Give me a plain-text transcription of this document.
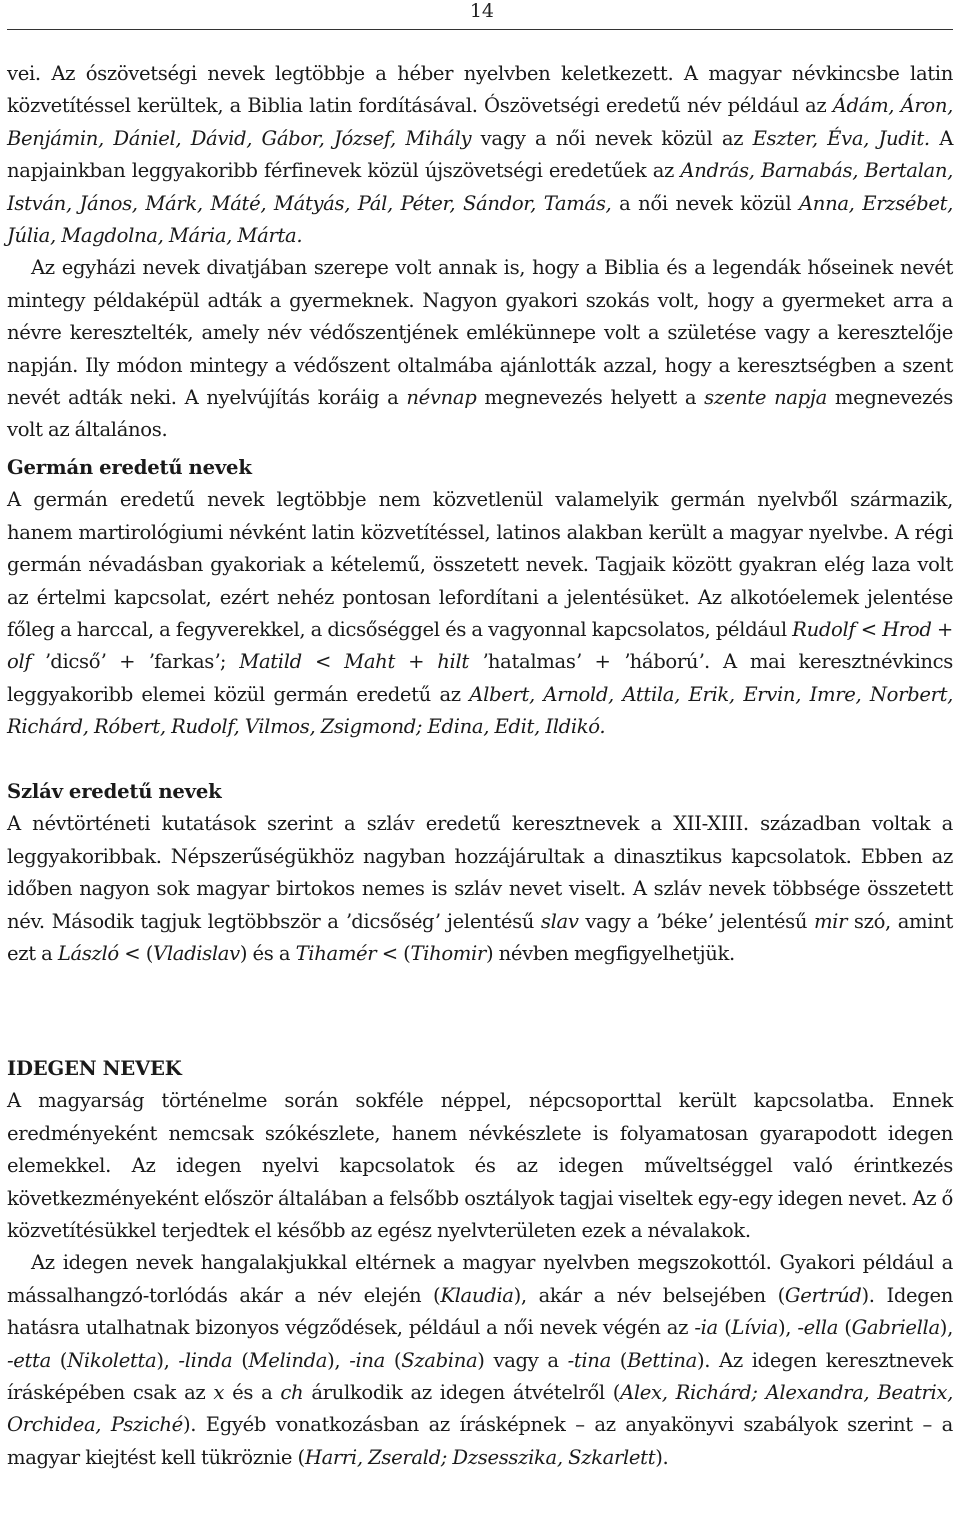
14

vei. Az ószövetségi nevek legtöbbje a héber nyelvben keletkezett. A magyar névkincsbe latin közvetítéssel kerültek, a Biblia latin fordításával. Ószövetségi eredetű név például az Ádám, Áron, Benjámin, Dániel, Dávid, Gábor, József, Mihály vagy a női nevek közül az Eszter, Éva, Judit. A napjainkban leggyakoribb férfinevek közül újszövetségi eredetűek az András, Barnabás, Bertalan, István, János, Márk, Máté, Mátyás, Pál, Péter, Sándor, Tamás, a női nevek közül Anna, Erzsébet, Júlia, Magdolna, Mária, Márta.

Az egyházi nevek divatjában szerepe volt annak is, hogy a Biblia és a legendák hőseinek nevét mintegy példaképül adták a gyermeknek. Nagyon gyakori szokás volt, hogy a gyermeket arra a névre keresztelték, amely név védőszentjének emlékünnepe volt a születése vagy a keresztelője napján. Ily módon mintegy a védőszent oltalmába ajánlották azzal, hogy a keresztségben a szent nevét adták neki. A nyelvújítás koráig a névnap megnevezés helyett a szente napja megnevezés volt az általános.

Germán eredetű nevek

A germán eredetű nevek legtöbbje nem közvetlenül valamelyik germán nyelvből származik, hanem martirológiumi névként latin közvetítéssel, latinos alakban került a magyar nyelvbe. A régi germán névadásban gyakoriak a kételemű, összetett nevek. Tagjaik között gyakran elég laza volt az értelmi kapcsolat, ezért nehéz pontosan lefordítani a jelentésüket. Az alkotóelemek jelentése főleg a harccal, a fegyverekkel, a dicsőséggel és a vagyonnal kapcsolatos, például Rudolf < Hrod + olf ʼdicsőʼ + ʼfarkasʼ; Matild < Maht + hilt ʼhatalmasʼ + ʼháborúʼ. A mai keresztnévkincs leggyakoribb elemei közül germán eredetű az Albert, Arnold, Attila, Erik, Ervin, Imre, Norbert, Richárd, Róbert, Rudolf, Vilmos, Zsigmond; Edina, Edit, Ildikó.

Szláv eredetű nevek

A névtörténeti kutatások szerint a szláv eredetű keresztnevek a XII-XIII. században voltak a leggyakoribbak. Népszerűségükhöz nagyban hozzájárultak a dinasztikus kapcsolatok. Ebben az időben nagyon sok magyar birtokos nemes is szláv nevet viselt. A szláv nevek többsége összetett név. Második tagjuk legtöbbször a ʼdicsőségʼ jelentésű slav vagy a ʼbékeʼ jelentésű mir szó, amint ezt a László < (Vladislav) és a Tihamér < (Tihomir) névben megfigyelhetjük.

IDEGEN NEVEK

A magyarság történelme során sokféle néppel, népcsoporttal került kapcsolatba. Ennek eredményeként nemcsak szókészlete, hanem névkészlete is folyamatosan gyarapodott idegen elemekkel. Az idegen nyelvi kapcsolatok és az idegen műveltséggel való érintkezés következményeként először általában a felsőbb osztályok tagjai viseltek egy-egy idegen nevet. Az ő közvetítésükkel terjedtek el később az egész nyelvterületen ezek a névalakok.

Az idegen nevek hangalakjukkal eltérnek a magyar nyelvben megszokottól. Gyakori például a mássalhangzó-torlódás akár a név elején (Klaudia), akár a név belsejében (Gertrúd). Idegen hatásra utalhatnak bizonyos végződések, például a női nevek végén az -ia (Lívia), -ella (Gabriella), -etta (Nikoletta), -linda (Melinda), -ina (Szabina) vagy a -tina (Bettina). Az idegen keresztnevek írásképében csak az x és a ch árulkodik az idegen átvételről (Alex, Richárd; Alexandra, Beatrix, Orchidea, Psziché). Egyéb vonatkozásban az írásképnek – az anyakönyvi szabályok szerint – a magyar kiejtést kell tükröznie (Harri, Zserald; Dzsesszika, Szkarlett).
